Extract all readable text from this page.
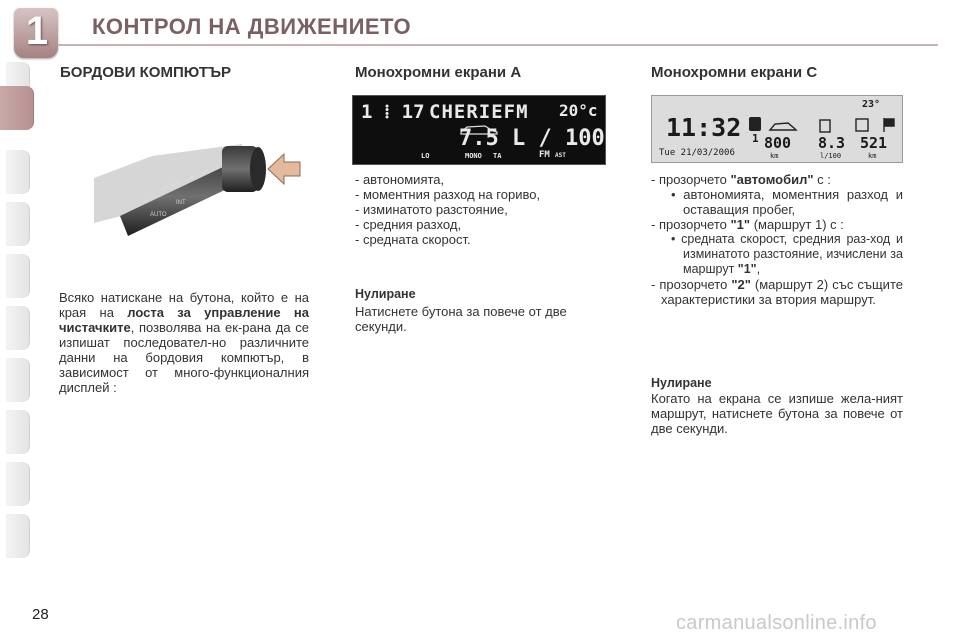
1	КОНТРОЛ НА ДВИЖЕНИЕТО
БОРДОВИ КОМПЮТЪР
AUTO
INT
Всяко натискане на бутона, който е на края на лоста за управление на чистачките, позволява на ек-рана да се изпишат последовател-но различните данни на бордовия компютър, в зависимост от много-функционалния дисплей :
Монохромни екрани A
1 ⁞ 17 CHERIEFM 20°c
7.5 L / 100
LO	MONO TA	FM AST
- автономията,
- моментния разход на гориво,
- изминатото разстояние,
- средния разход,
- средната скорост.
Нулиране
Натиснете бутона за повече от две секунди.
Монохромни екрани C
11:32
Tue 21/03/2006
23°
1 800 8.3 521
km	l/100	km
- прозорчето "автомобил" с :
• автономията, моментния разход и оставащия пробег,
- прозорчето "1" (маршрут 1) с :
• средната скорост, средния раз-ход и изминатото разстояние, изчислени за маршрут "1",
- прозорчето "2" (маршрут 2) със същите характеристики за втория маршрут.
Нулиране
Когато на екрана се изпише жела-ният маршрут, натиснете бутона за повече от две секунди.
28	carmanualsonline.info
